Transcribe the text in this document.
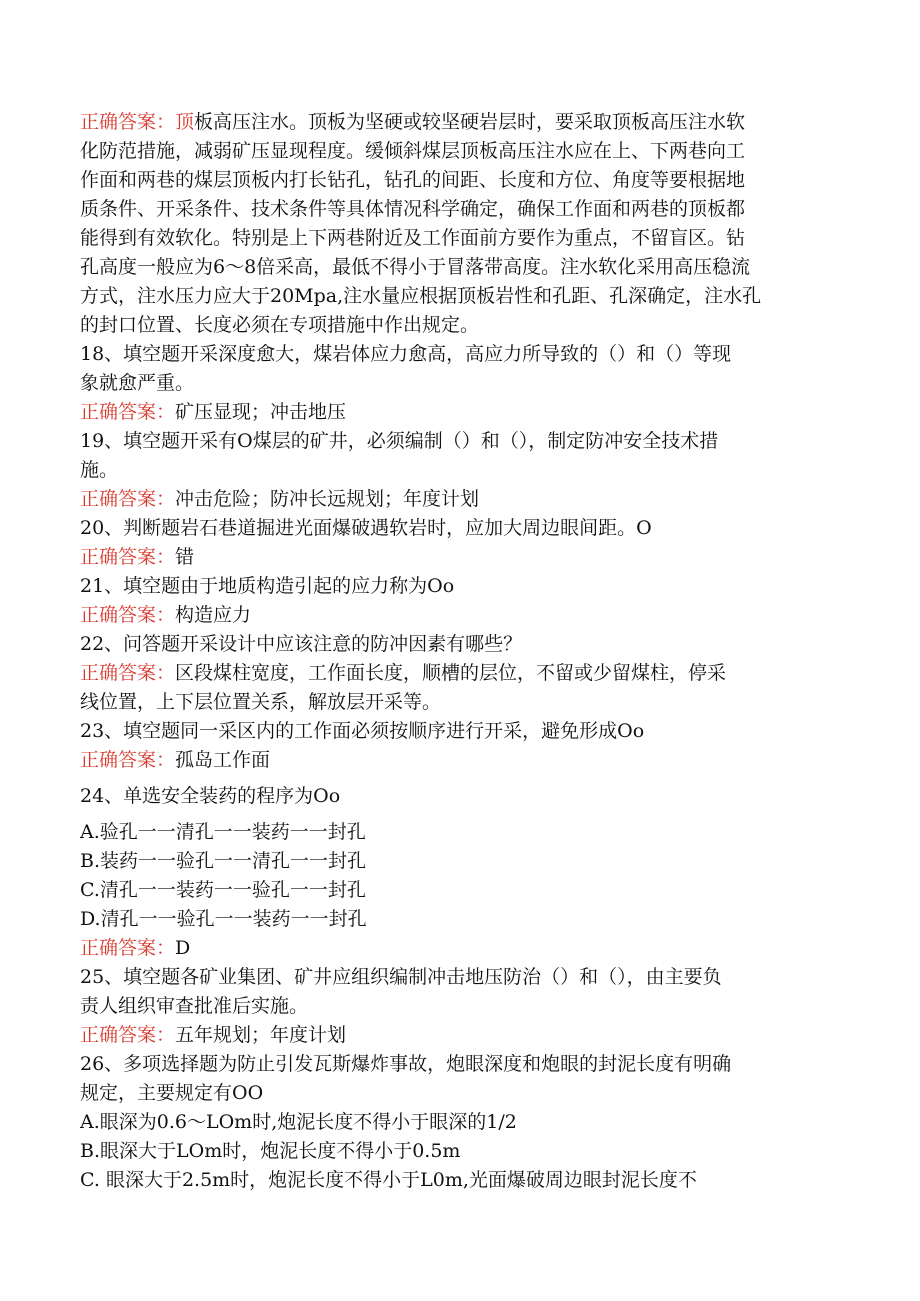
正确答案：顶板高压注水。顶板为坚硬或较坚硬岩层时，要采取顶板高压注水软
化防范措施，减弱矿压显现程度。缓倾斜煤层顶板高压注水应在上、下两巷向工
作面和两巷的煤层顶板内打长钻孔，钻孔的间距、长度和方位、角度等要根据地
质条件、开采条件、技术条件等具体情况科学确定，确保工作面和两巷的顶板都
能得到有效软化。特别是上下两巷附近及工作面前方要作为重点，不留盲区。钻
孔高度一般应为6〜8倍采高，最低不得小于冒落带高度。注水软化采用高压稳流
方式，注水压力应大于20Mpa,注水量应根据顶板岩性和孔距、孔深确定，注水孔
的封口位置、长度必须在专项措施中作出规定。
18、填空题开采深度愈大，煤岩体应力愈高，高应力所导致的（）和（）等现
象就愈严重。
正确答案：矿压显现；冲击地压
19、填空题开采有O煤层的矿井，必须编制（）和（），制定防冲安全技术措
施。
正确答案：冲击危险；防冲长远规划；年度计划
20、判断题岩石巷道掘进光面爆破遇软岩时，应加大周边眼间距。O
正确答案：错
21、填空题由于地质构造引起的应力称为Oo
正确答案：构造应力
22、问答题开采设计中应该注意的防冲因素有哪些？
正确答案：区段煤柱宽度，工作面长度，顺槽的层位，不留或少留煤柱，停采
线位置，上下层位置关系，解放层开采等。
23、填空题同一采区内的工作面必须按顺序进行开采，避免形成Oo
正确答案：孤岛工作面
24、单选安全装药的程序为Oo
A.验孔一一清孔一一装药一一封孔
B.装药一一验孔一一清孔一一封孔
C.清孔一一装药一一验孔一一封孔
D.清孔一一验孔一一装药一一封孔
正确答案：D
25、填空题各矿业集团、矿井应组织编制冲击地压防治（）和（），由主要负
责人组织审查批准后实施。
正确答案：五年规划；年度计划
26、多项选择题为防止引发瓦斯爆炸事故，炮眼深度和炮眼的封泥长度有明确
规定，主要规定有OO
A.眼深为0.6〜LOm时,炮泥长度不得小于眼深的1/2
B.眼深大于LOm时，炮泥长度不得小于0.5m
C. 眼深大于2.5m时，炮泥长度不得小于L0m,光面爆破周边眼封泥长度不
